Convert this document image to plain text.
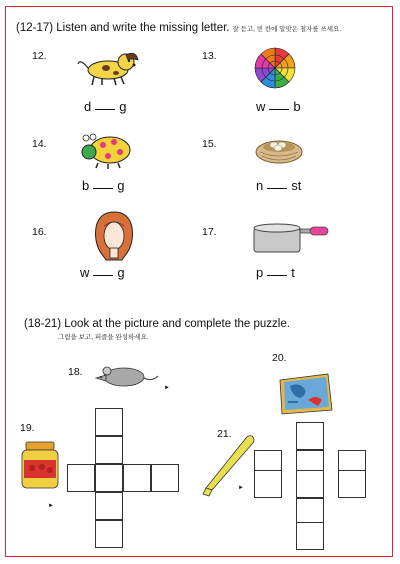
(12-17) Listen and write the missing letter. 잘 듣고, 빈 칸에 알맞은 철자를 쓰세요.
12.
d g
13.
w b
14.
b g
15.
n st
16.
w g
17.
p t
(18-21) Look at the picture and complete the puzzle.
그림을 보고, 퍼즐을 완성하세요.
18.
►
19.
►
20.
21.
►
